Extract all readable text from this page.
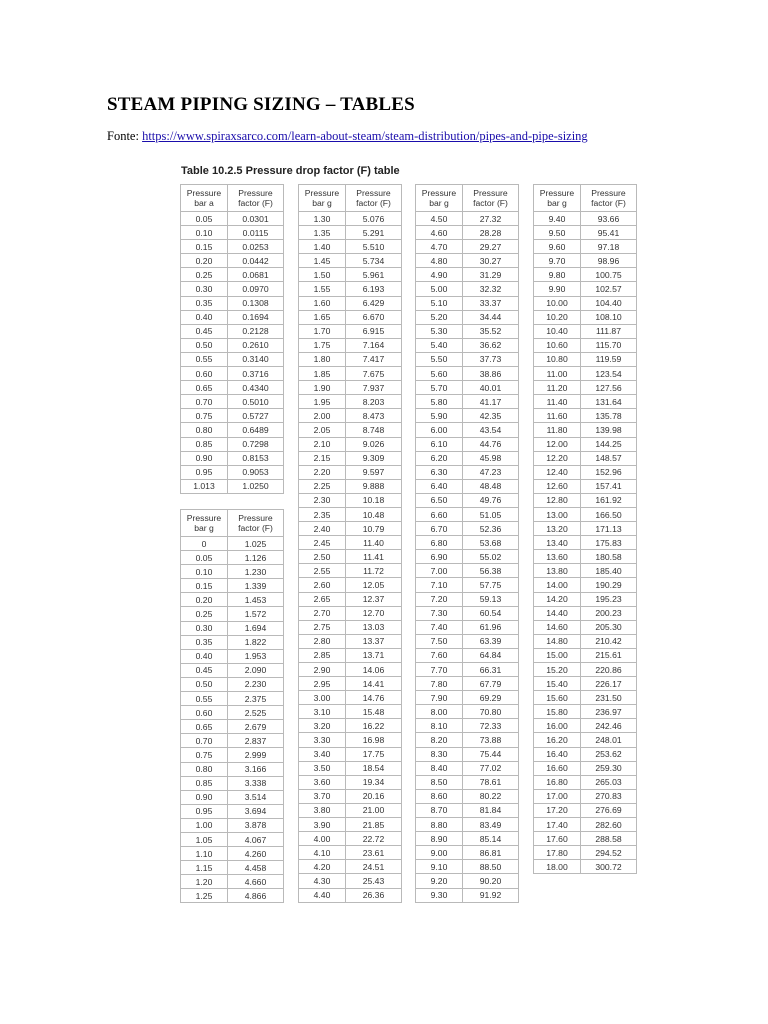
STEAM PIPING SIZING – TABLES
Fonte: https://www.spiraxsarco.com/learn-about-steam/steam-distribution/pipes-and-pipe-sizing
Table 10.2.5 Pressure drop factor (F) table
Pressure
bar a	Pressure
factor (F)
0.05	0.0301
0.10	0.0115
0.15	0.0253
0.20	0.0442
0.25	0.0681
0.30	0.0970
0.35	0.1308
0.40	0.1694
0.45	0.2128
0.50	0.2610
0.55	0.3140
0.60	0.3716
0.65	0.4340
0.70	0.5010
0.75	0.5727
0.80	0.6489
0.85	0.7298
0.90	0.8153
0.95	0.9053
1.013	1.0250
Pressure
bar g	Pressure
factor (F)
0	1.025
0.05	1.126
0.10	1.230
0.15	1.339
0.20	1.453
0.25	1.572
0.30	1.694
0.35	1.822
0.40	1.953
0.45	2.090
0.50	2.230
0.55	2.375
0.60	2.525
0.65	2.679
0.70	2.837
0.75	2.999
0.80	3.166
0.85	3.338
0.90	3.514
0.95	3.694
1.00	3.878
1.05	4.067
1.10	4.260
1.15	4.458
1.20	4.660
1.25	4.866
Pressure
bar g	Pressure
factor (F)
1.30	5.076
1.35	5.291
1.40	5.510
1.45	5.734
1.50	5.961
1.55	6.193
1.60	6.429
1.65	6.670
1.70	6.915
1.75	7.164
1.80	7.417
1.85	7.675
1.90	7.937
1.95	8.203
2.00	8.473
2.05	8.748
2.10	9.026
2.15	9.309
2.20	9.597
2.25	9.888
2.30	10.18
2.35	10.48
2.40	10.79
2.45	11.40
2.50	11.41
2.55	11.72
2.60	12.05
2.65	12.37
2.70	12.70
2.75	13.03
2.80	13.37
2.85	13.71
2.90	14.06
2.95	14.41
3.00	14.76
3.10	15.48
3.20	16.22
3.30	16.98
3.40	17.75
3.50	18.54
3.60	19.34
3.70	20.16
3.80	21.00
3.90	21.85
4.00	22.72
4.10	23.61
4.20	24.51
4.30	25.43
4.40	26.36
Pressure
bar g	Pressure
factor (F)
4.50	27.32
4.60	28.28
4.70	29.27
4.80	30.27
4.90	31.29
5.00	32.32
5.10	33.37
5.20	34.44
5.30	35.52
5.40	36.62
5.50	37.73
5.60	38.86
5.70	40.01
5.80	41.17
5.90	42.35
6.00	43.54
6.10	44.76
6.20	45.98
6.30	47.23
6.40	48.48
6.50	49.76
6.60	51.05
6.70	52.36
6.80	53.68
6.90	55.02
7.00	56.38
7.10	57.75
7.20	59.13
7.30	60.54
7.40	61.96
7.50	63.39
7.60	64.84
7.70	66.31
7.80	67.79
7.90	69.29
8.00	70.80
8.10	72.33
8.20	73.88
8.30	75.44
8.40	77.02
8.50	78.61
8.60	80.22
8.70	81.84
8.80	83.49
8.90	85.14
9.00	86.81
9.10	88.50
9.20	90.20
9.30	91.92
Pressure
bar g	Pressure
factor (F)
9.40	93.66
9.50	95.41
9.60	97.18
9.70	98.96
9.80	100.75
9.90	102.57
10.00	104.40
10.20	108.10
10.40	111.87
10.60	115.70
10.80	119.59
11.00	123.54
11.20	127.56
11.40	131.64
11.60	135.78
11.80	139.98
12.00	144.25
12.20	148.57
12.40	152.96
12.60	157.41
12.80	161.92
13.00	166.50
13.20	171.13
13.40	175.83
13.60	180.58
13.80	185.40
14.00	190.29
14.20	195.23
14.40	200.23
14.60	205.30
14.80	210.42
15.00	215.61
15.20	220.86
15.40	226.17
15.60	231.50
15.80	236.97
16.00	242.46
16.20	248.01
16.40	253.62
16.60	259.30
16.80	265.03
17.00	270.83
17.20	276.69
17.40	282.60
17.60	288.58
17.80	294.52
18.00	300.72
